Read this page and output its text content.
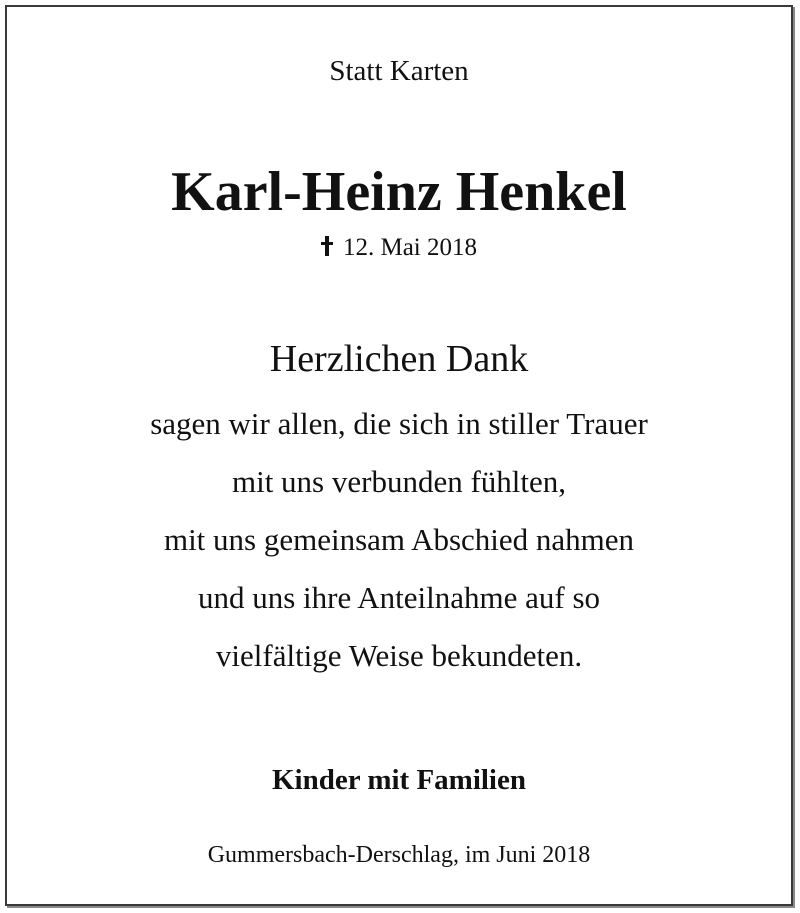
Statt Karten
Karl-Heinz Henkel
12. Mai 2018
Herzlichen Dank
sagen wir allen, die sich in stiller Trauer
mit uns verbunden fühlten,
mit uns gemeinsam Abschied nahmen
und uns ihre Anteilnahme auf so
vielfältige Weise bekundeten.
Kinder mit Familien
Gummersbach-Derschlag, im Juni 2018
